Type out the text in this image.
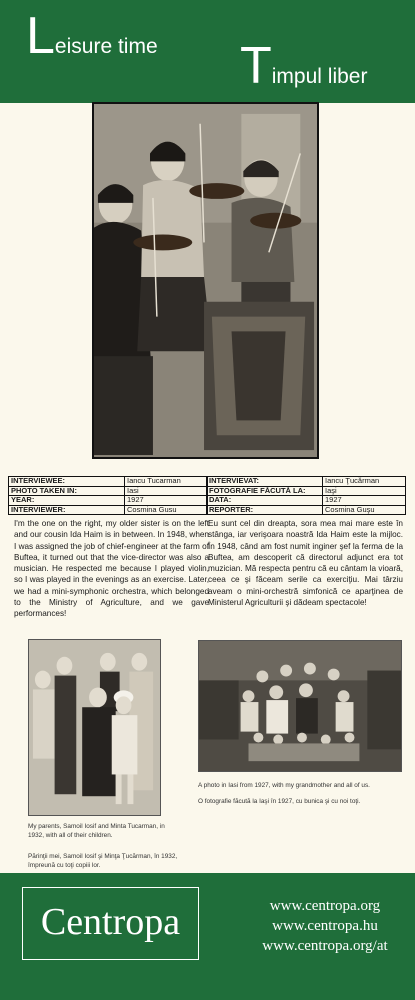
Leisure time Timpul liber
INTERVIEWEE:	Iancu Tucarman
PHOTO TAKEN IN:	Iasi
YEAR:	1927
INTERVIEWER:	Cosmina Gusu
INTERVIEVAT:	Iancu Ţucărman
FOTOGRAFIE FĂCUTĂ LA:	Iaşi
DATA:	1927
REPORTER:	Cosmina Guşu

I'm the one on the right, my older sister is on the left and our cousin Ida Haim is in between. In 1948, when I was assigned the job of chief-engineer at the farm of Buftea, it turned out that the vice-director was also a musician. He respected me because I played violin, so I was played in the evenings as an exercise. Later, we had a mini-symphonic orchestra, which belonged to the Ministry of Agriculture, and we gave performances!

Eu sunt cel din dreapta, sora mea mai mare este în stânga, iar verişoara noastră Ida Haim este la mijloc. În 1948, când am fost numit inginer şef la ferma de la Buftea, am descoperit că directorul adjunct era tot muzician. Mă respecta pentru că eu cântam la vioară, ceea ce şi făceam serile ca exerciţiu. Mai târziu aveam o mini-orchestră simfonică ce aparţinea de Ministerul Agriculturii şi dădeam spectacole!

My parents, Samoil Iosif and Minta Tucarman, in 1932, with all of their children.
Părinţii mei, Samoil Iosif şi Minţa Ţucărman, în 1932, împreună cu toţi copiii lor.
A photo in Iasi from 1927, with my grandmother and all of us.
O fotografie făcută la Iaşi în 1927, cu bunica şi cu noi toţi.
Centropa	www.centropa.org
www.centropa.hu
www.centropa.org/at
